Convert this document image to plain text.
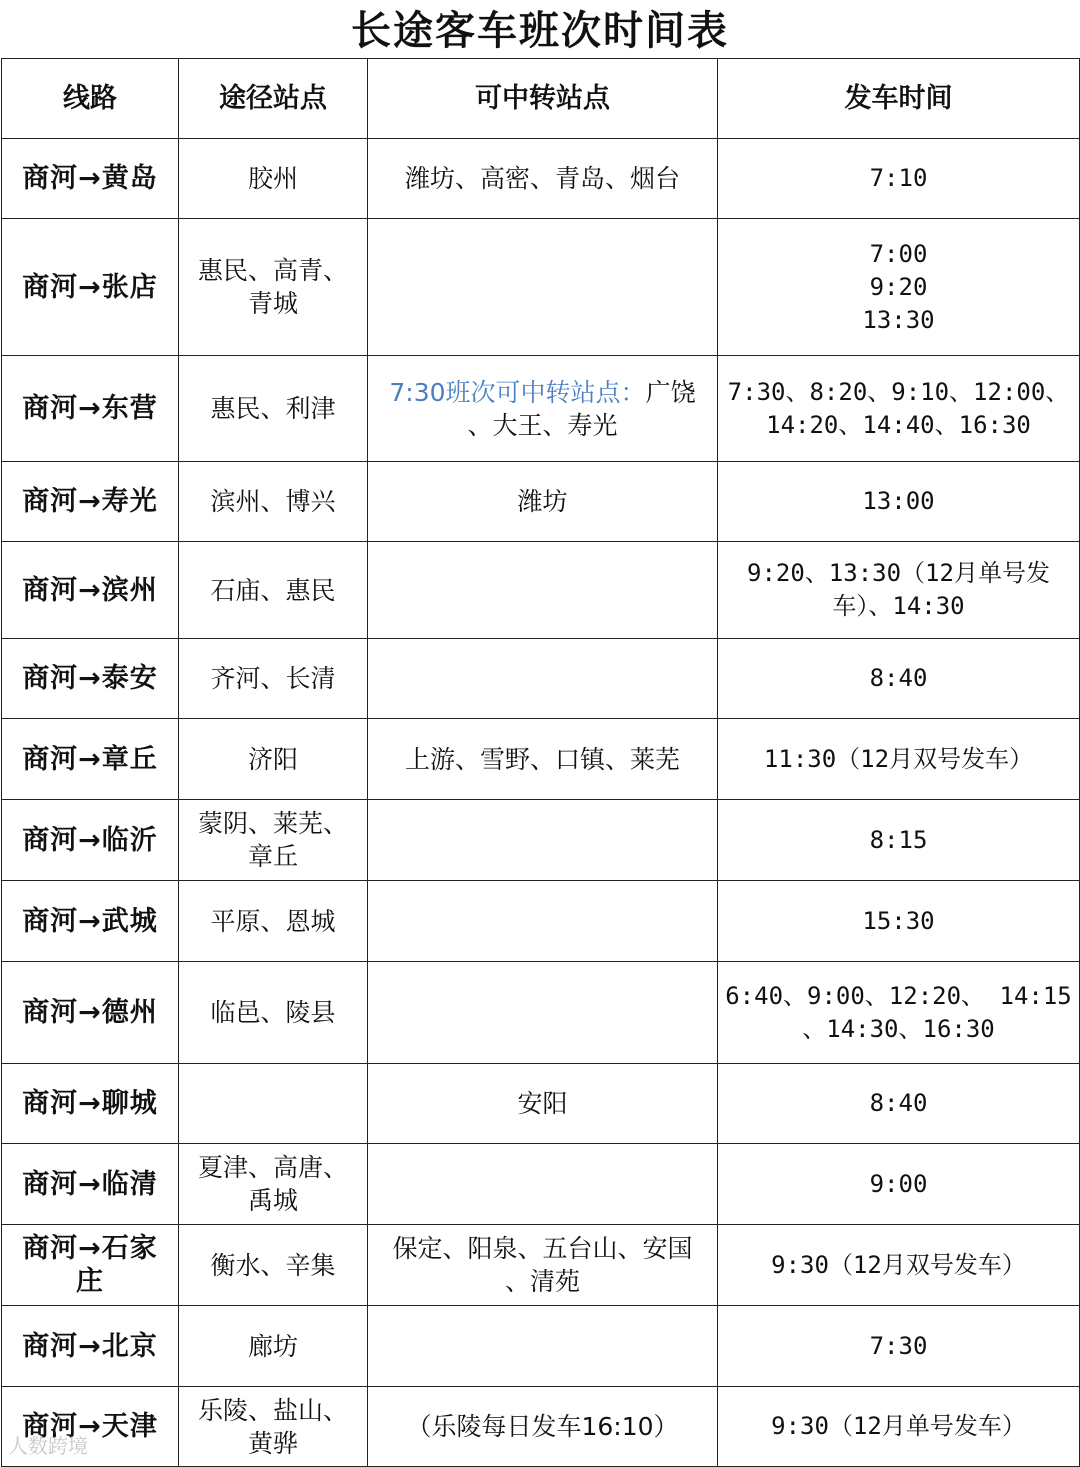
长途客车班次时间表
线路	途径站点	可中转站点	发车时间

商河→黄岛	胶州	潍坊、高密、青岛、烟台	7:10

商河→张店	惠民、高青、
青城		7:00
9:20
13:30

商河→东营	惠民、利津	7:30班次可中转站点：广饶
、大王、寿光	7:30、8:20、9:10、12:00、
14:20、14:40、16:30

商河→寿光	滨州、博兴	潍坊	13:00

商河→滨州	石庙、惠民		9:20、13:30（12月单号发
车）、14:30

商河→泰安	齐河、长清		8:40

商河→章丘	济阳	上游、雪野、口镇、莱芜	11:30（12月双号发车）

商河→临沂	蒙阴、莱芜、
章丘		8:15

商河→武城	平原、恩城		15:30

商河→德州	临邑、陵县		6:40、9:00、12:20、 14:15
、14:30、16:30

商河→聊城		安阳	8:40

商河→临清	夏津、高唐、
禹城		9:00

商河→石家
庄	衡水、辛集	保定、阳泉、五台山、安国
、清苑	9:30（12月双号发车）

商河→北京	廊坊		7:30

商河→天津	乐陵、盐山、
黄骅	（乐陵每日发车16:10）	9:30（12月单号发车）
人数跨境
